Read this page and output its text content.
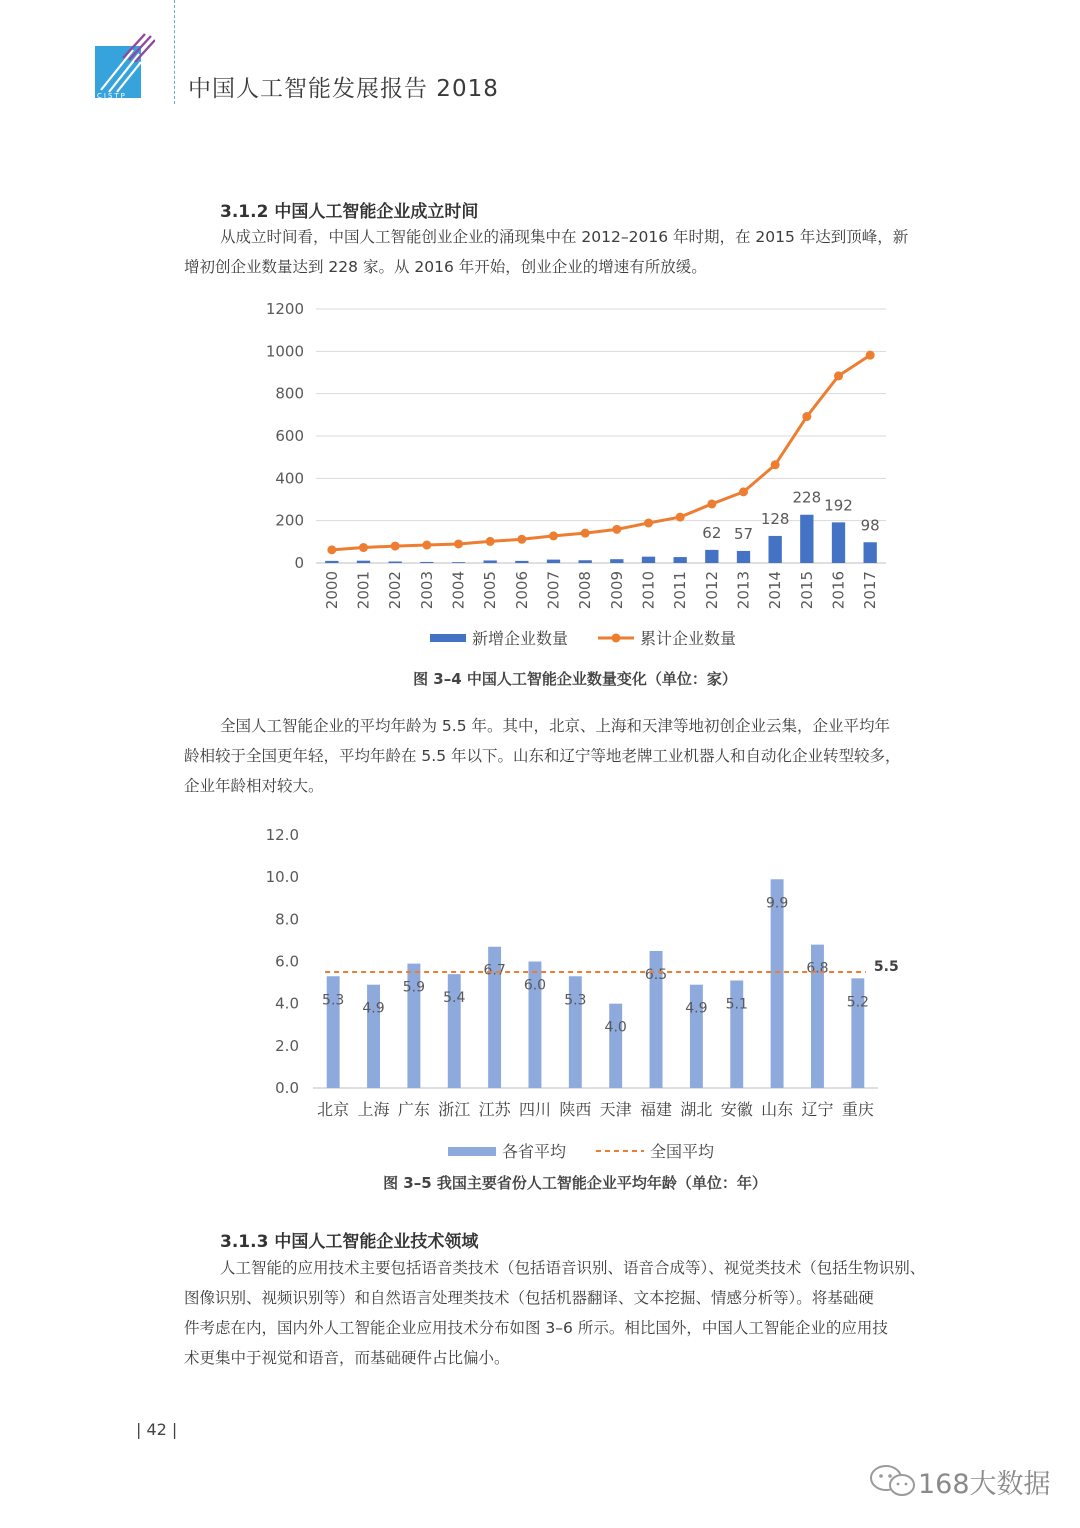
CISTP	中国人工智能发展报告 2018
3.1.2 中国人工智能企业成立时间
从成立时间看，中国人工智能创业企业的涌现集中在 2012–2016 年时期，在 2015 年达到顶峰，新
增初创企业数量达到 228 家。从 2016 年开始，创业企业的增速有所放缓。
0
200
400
600
800
1000
1200
62 57
128
228 192
98
2000 2001 2002 2003 2004 2005 2006 2007 2008 2009 2010 2011 2012 2013 2014 2015 2016 2017
新增企业数量	累计企业数量
图 3–4 中国人工智能企业数量变化（单位：家）
全国人工智能企业的平均年龄为 5.5 年。其中，北京、上海和天津等地初创企业云集，企业平均年
龄相较于全国更年轻，平均年龄在 5.5 年以下。山东和辽宁等地老牌工业机器人和自动化企业转型较多，
企业年龄相对较大。
0.0
2.0
4.0
6.0
8.0
10.0
12.0
5.3
北京
4.9
上海
5.9
广东
5.4
浙江
6.7
江苏
6.0
四川
5.3
陕西
4.0
天津
6.5
福建
4.9
湖北
5.1
安徽
9.9
山东
6.8
辽宁
5.2
重庆
5.5
各省平均	全国平均
图 3–5 我国主要省份人工智能企业平均年龄（单位：年）
3.1.3 中国人工智能企业技术领域
人工智能的应用技术主要包括语音类技术（包括语音识别、语音合成等）、视觉类技术（包括生物识别、
图像识别、视频识别等）和自然语言处理类技术（包括机器翻译、文本挖掘、情感分析等）。将基础硬
件考虑在内，国内外人工智能企业应用技术分布如图 3–6 所示。相比国外，中国人工智能企业的应用技
术更集中于视觉和语音，而基础硬件占比偏小。
| 42 |
168大数据
